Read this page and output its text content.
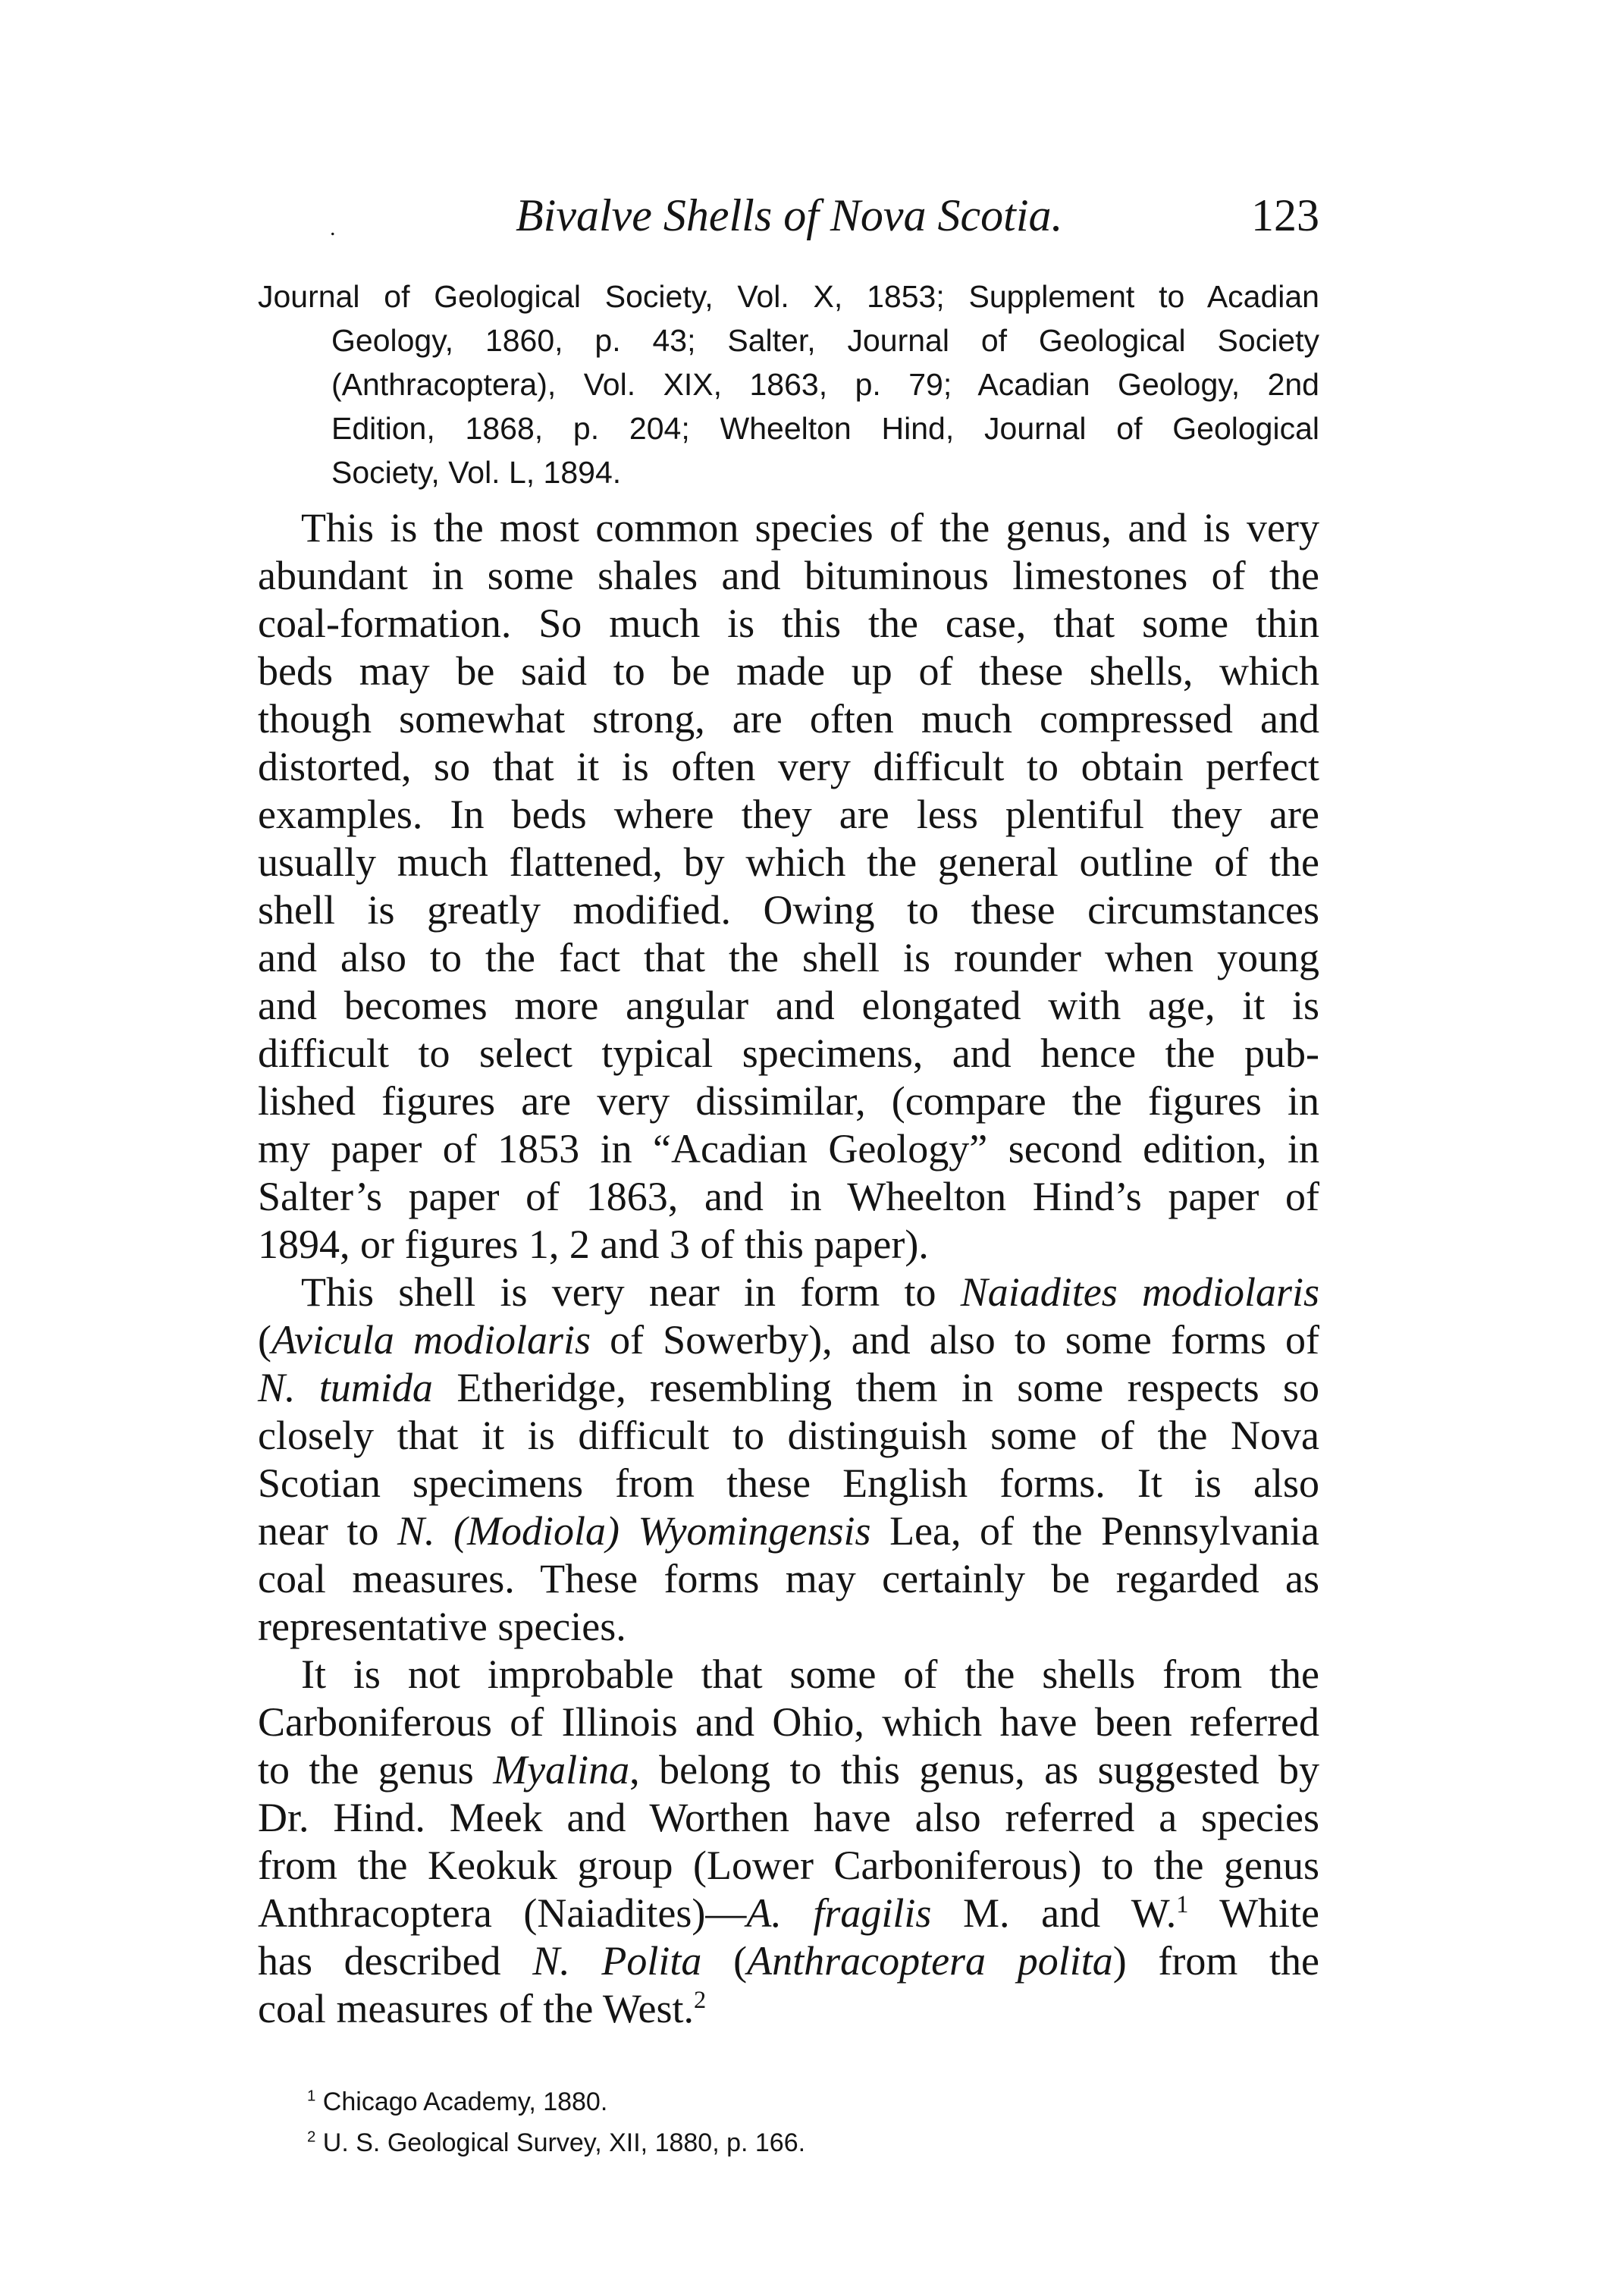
.	Bivalve Shells of Nova Scotia.	123
Journal of Geological Society, Vol. X, 1853; Supplement to Acadian
Geology, 1860, p. 43; Salter, Journal of Geological Society
(Anthracoptera), Vol. XIX, 1863, p. 79; Acadian Geology, 2nd
Edition, 1868, p. 204; Wheelton Hind, Journal of Geological
Society, Vol. L, 1894.
This is the most common species of the genus, and is very
abundant in some shales and bituminous limestones of the
coal-formation. So much is this the case, that some thin
beds may be said to be made up of these shells, which
though somewhat strong, are often much compressed and
distorted, so that it is often very difficult to obtain perfect
examples. In beds where they are less plentiful they are
usually much flattened, by which the general outline of the
shell is greatly modified. Owing to these circumstances
and also to the fact that the shell is rounder when young
and becomes more angular and elongated with age, it is
difficult to select typical specimens, and hence the pub-
lished figures are very dissimilar, (compare the figures in
my paper of 1853 in “Acadian Geology” second edition, in
Salter’s paper of 1863, and in Wheelton Hind’s paper of
1894, or figures 1, 2 and 3 of this paper).
This shell is very near in form to Naiadites modiolaris
(Avicula modiolaris of Sowerby), and also to some forms of
N. tumida Etheridge, resembling them in some respects so
closely that it is difficult to distinguish some of the Nova
Scotian specimens from these English forms. It is also
near to N. (Modiola) Wyomingensis Lea, of the Pennsylvania
coal measures. These forms may certainly be regarded as
representative species.
It is not improbable that some of the shells from the
Carboniferous of Illinois and Ohio, which have been referred
to the genus Myalina, belong to this genus, as suggested by
Dr. Hind. Meek and Worthen have also referred a species
from the Keokuk group (Lower Carboniferous) to the genus
Anthracoptera (Naiadites)—A. fragilis M. and W.$^1$ White
has described N. Polita (Anthracoptera polita) from the
coal measures of the West.$^2$
$^1$ Chicago Academy, 1880.
$^2$ U. S. Geological Survey, XII, 1880, p. 166.
